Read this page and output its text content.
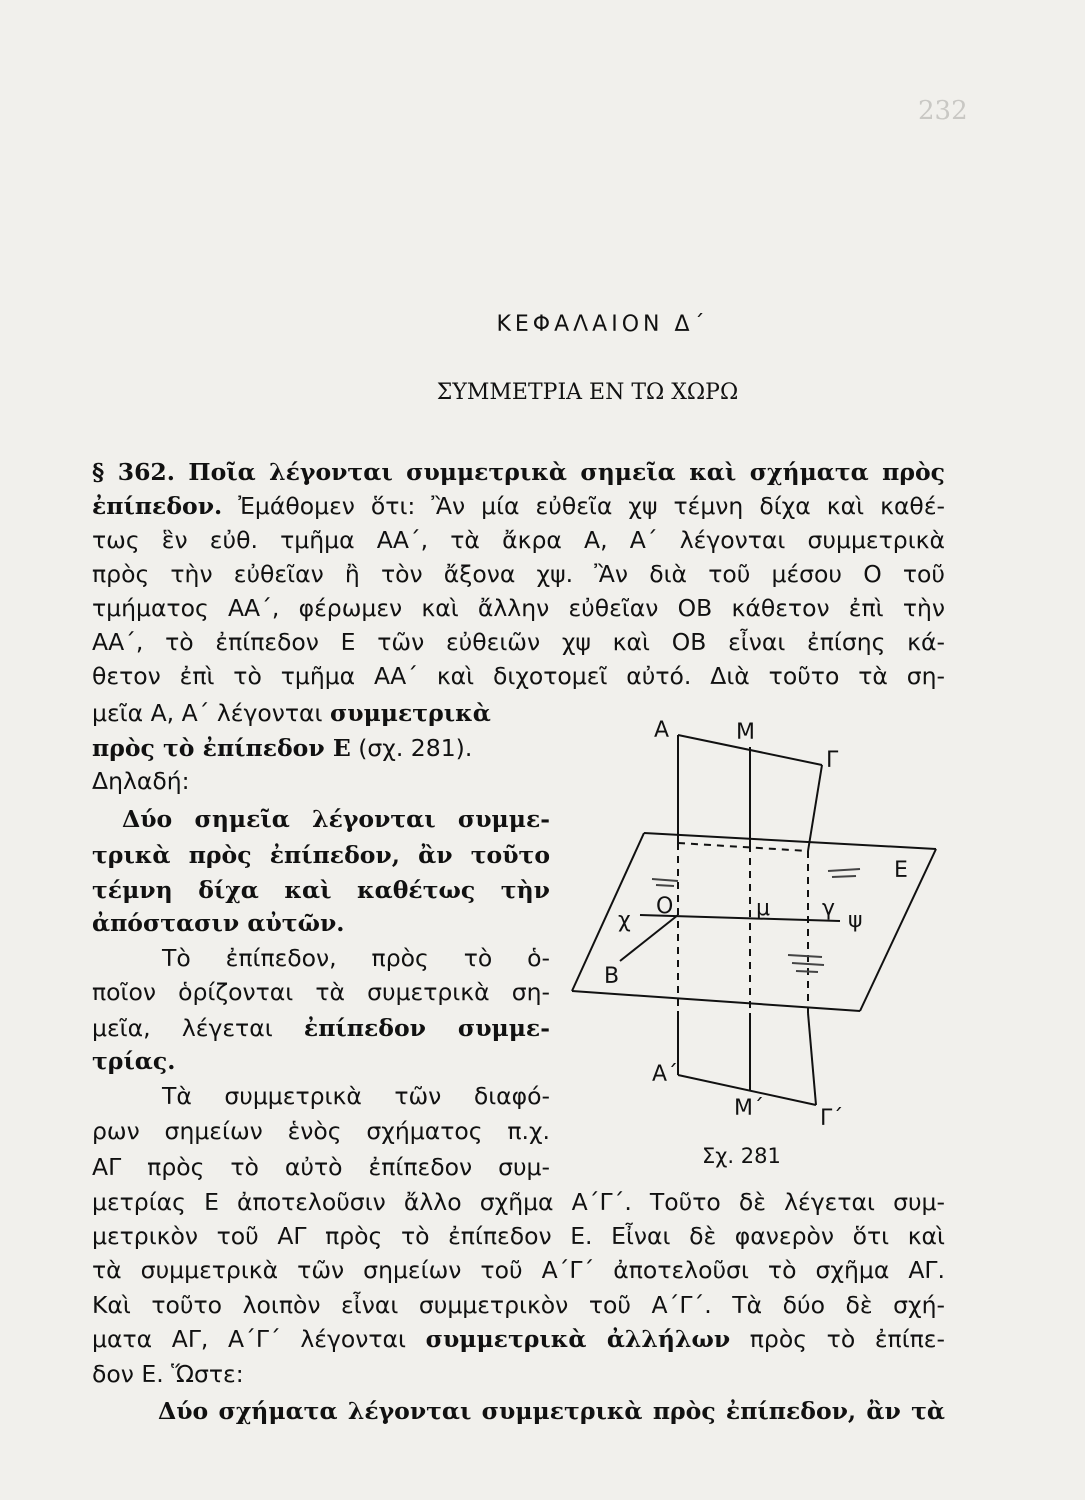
232
ΚΕΦΑΛΑΙΟΝ Δ΄
ΣΥΜΜΕΤΡΙΑ ΕΝ ΤΩ ΧΩΡΩ
§ 362. Ποῖα λέγονται συμμετρικὰ σημεῖα καὶ σχήματα πρὸς
ἐπίπεδον. Ἐμάθομεν ὅτι: Ἂν μία εὐθεῖα χψ τέμνη δίχα καὶ καθέ-
τως ἓν εὐθ. τμῆμα ΑΑ΄, τὰ ἄκρα Α, Α΄ λέγονται συμμετρικὰ
πρὸς τὴν εὐθεῖαν ἢ τὸν ἄξονα χψ. Ἂν διὰ τοῦ μέσου Ο τοῦ
τμήματος ΑΑ΄, φέρωμεν καὶ ἄλλην εὐθεῖαν ΟΒ κάθετον ἐπὶ τὴν
ΑΑ΄, τὸ ἐπίπεδον Ε τῶν εὐθειῶν χψ καὶ ΟΒ εἶναι ἐπίσης κά-
θετον ἐπὶ τὸ τμῆμα ΑΑ΄ καὶ διχοτομεῖ αὐτό. Διὰ τοῦτο τὰ ση-
μεῖα Α, Α΄ λέγονται συμμετρικὰ
πρὸς τὸ ἐπίπεδον Ε (σχ. 281).
Δηλαδή:
Δύο σημεῖα λέγονται συμμε-
τρικὰ πρὸς ἐπίπεδον, ἂν τοῦτο
τέμνη δίχα καὶ καθέτως τὴν
ἀπόστασιν αὐτῶν.
Τὸ ἐπίπεδον, πρὸς τὸ ὁ-
ποῖον ὁρίζονται τὰ συμετρικὰ ση-
μεῖα, λέγεται ἐπίπεδον συμμε-
τρίας.
Τὰ συμμετρικὰ τῶν διαφό-
ρων σημείων ἑνὸς σχήματος π.χ.
ΑΓ πρὸς τὸ αὐτὸ ἐπίπεδον συμ-
μετρίας Ε ἀποτελοῦσιν ἄλλο σχῆμα Α΄Γ΄. Τοῦτο δὲ λέγεται συμ-
μετρικὸν τοῦ ΑΓ πρὸς τὸ ἐπίπεδον Ε. Εἶναι δὲ φανερὸν ὅτι καὶ
τὰ συμμετρικὰ τῶν σημείων τοῦ Α΄Γ΄ ἀποτελοῦσι τὸ σχῆμα ΑΓ.
Καὶ τοῦτο λοιπὸν εἶναι συμμετρικὸν τοῦ Α΄Γ΄. Τὰ δύο δὲ σχή-
ματα ΑΓ, Α΄Γ΄ λέγονται συμμετρικὰ ἀλλήλων πρὸς τὸ ἐπίπε-
δον Ε. Ὥστε:
Δύο σχήματα λέγονται συμμετρικὰ πρὸς ἐπίπεδον, ἂν τὰ
Α	Μ
Γ
Ε
Ο	μ γ
χ	ψ
Β
Α΄
Μ΄	Γ΄
Σχ. 281
